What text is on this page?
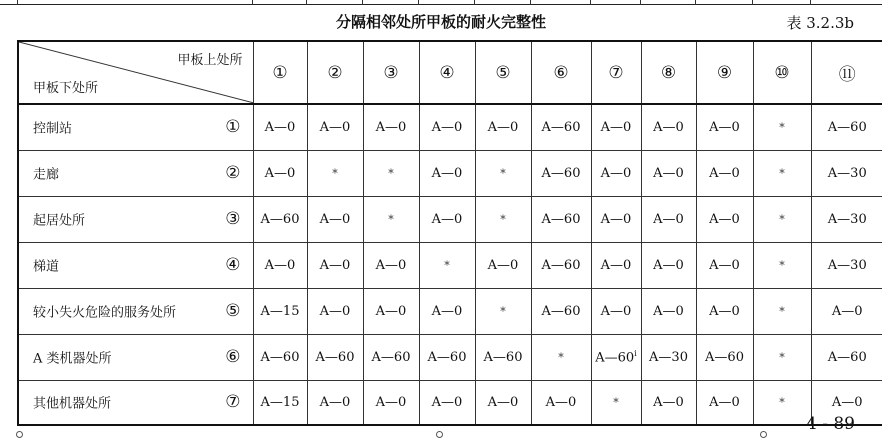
分隔相邻处所甲板的耐火完整性	表 3.2.3b
甲板上处所
甲板下处所	①	②	③	④	⑤	⑥	⑦	⑧	⑨	⑩	⑪

控制站 ①	A—0	A—0	A—0	A—0	A—0	A—60	A—0	A—0	A—0	*	A—60

走廊 ②	A—0	*	*	A—0	*	A—60	A—0	A—0	A—0	*	A—30

起居处所 ③	A—60	A—0	*	A—0	*	A—60	A—0	A—0	A—0	*	A—30

梯道 ④	A—0	A—0	A—0	*	A—0	A—60	A—0	A—0	A—0	*	A—30

较小失火危险的服务处所 ⑤	A—15	A—0	A—0	A—0	*	A—60	A—0	A—0	A—0	*	A—0

A 类机器处所 ⑥	A—60	A—60	A—60	A—60	A—60	*	A—60$^i$	A—30	A—60	*	A—60

其他机器处所 ⑦	A—15	A—0	A—0	A—0	A—0	A—0	*	A—0	A—0	*	A—0
4 - 89
